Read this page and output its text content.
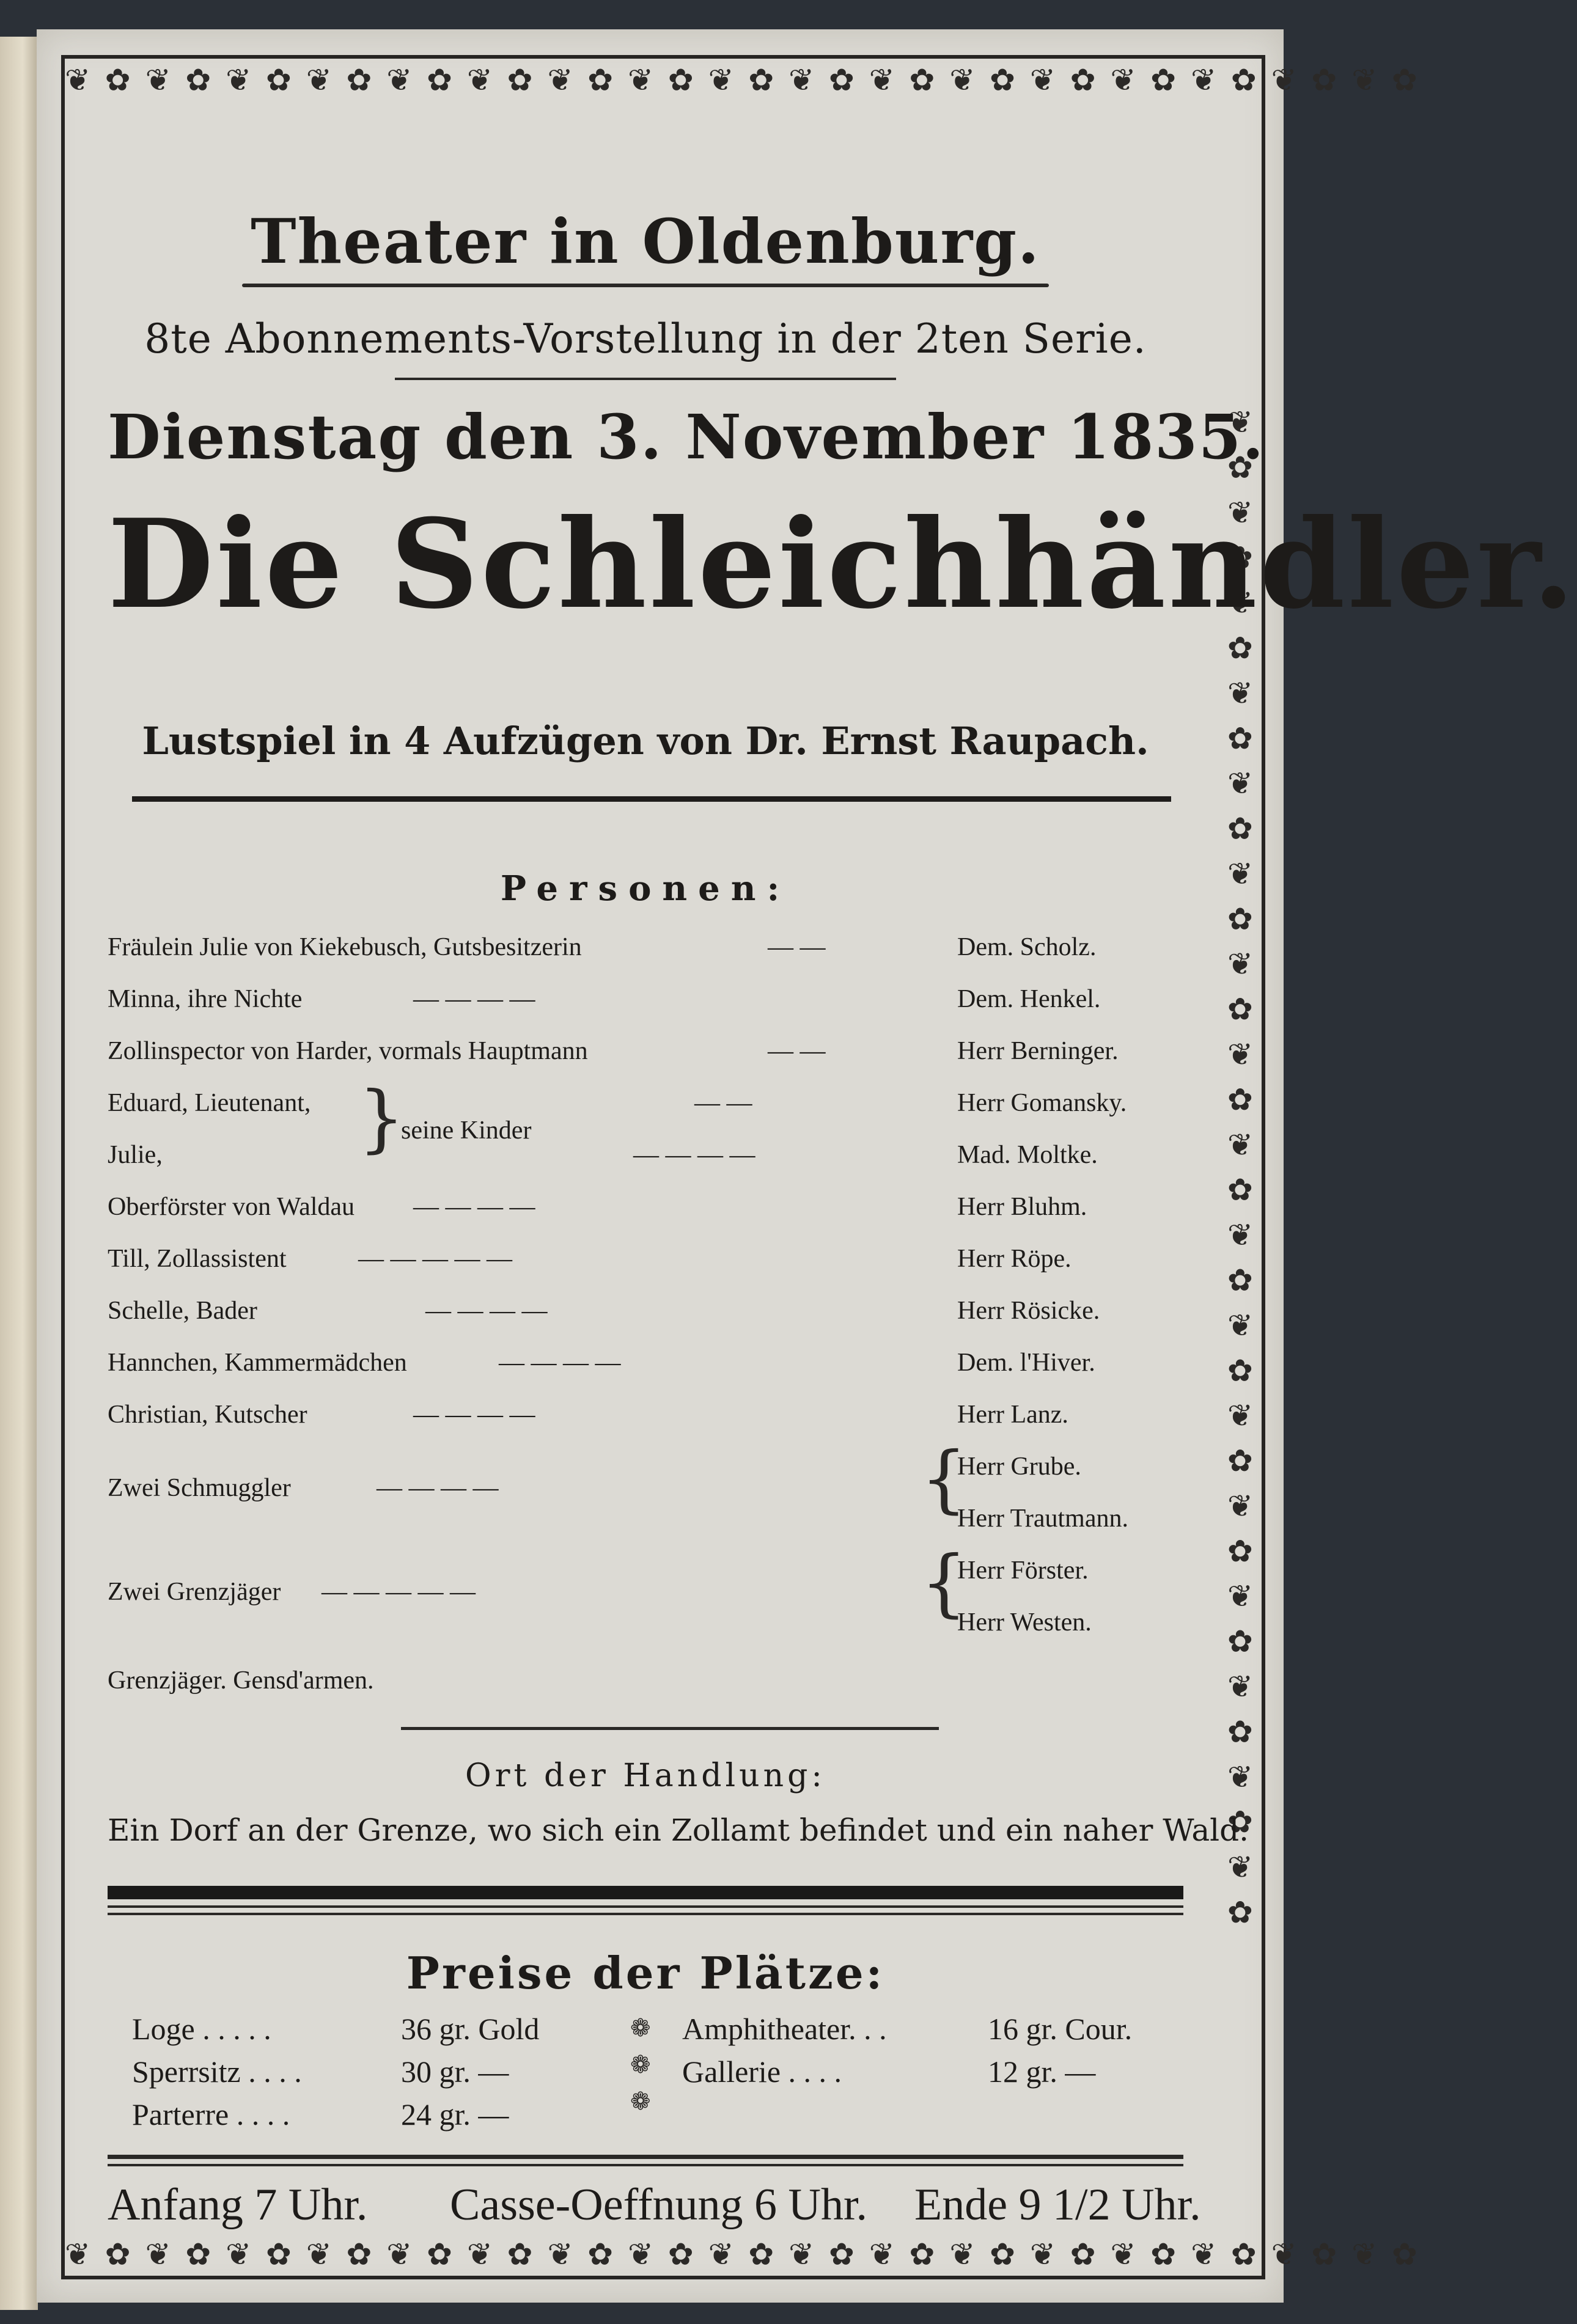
❦ ✿ ❦ ✿ ❦ ✿ ❦ ✿ ❦ ✿ ❦ ✿ ❦ ✿ ❦ ✿ ❦ ✿ ❦ ✿ ❦ ✿ ❦ ✿ ❦ ✿ ❦ ✿ ❦ ✿ ❦ ✿ ❦ ✿
❦ ✿ ❦ ✿ ❦ ✿ ❦ ✿ ❦ ✿ ❦ ✿ ❦ ✿ ❦ ✿ ❦ ✿ ❦ ✿ ❦ ✿ ❦ ✿ ❦ ✿ ❦ ✿ ❦ ✿ ❦ ✿ ❦ ✿
❦ ✿ ❦ ✿ ❦ ✿ ❦ ✿ ❦ ✿ ❦ ✿ ❦ ✿ ❦ ✿ ❦ ✿ ❦ ✿ ❦ ✿ ❦ ✿ ❦ ✿ ❦ ✿ ❦ ✿ ❦ ✿ ❦ ✿
Theater in Oldenburg.
8te Abonnements-Vorstellung in der 2ten Serie.
Dienstag den 3. November 1835.
Die Schleichhändler.
Lustspiel in 4 Aufzügen von Dr. Ernst Raupach.
Personen:
Fräulein Julie von Kiekebusch, Gutsbesitzerin	— —	Dem. Scholz.
Minna, ihre Nichte	— — — —	Dem. Henkel.
Zollinspector von Harder, vormals Hauptmann	— —	Herr Berninger.
Eduard, Lieutenant,	— —	Herr Gomansky.
Julie,	— — — —	Mad. Moltke.
}
seine Kinder
Oberförster von Waldau — — — —	Herr Bluhm.
Till, Zollassistent	— — — — —	Herr Röpe.
Schelle, Bader	— — — —	Herr Rösicke.
Hannchen, Kammermädchen	— — — —	Dem. l'Hiver.
Christian, Kutscher	— — — —	Herr Lanz.
Zwei Schmuggler	— — — —	}
Herr Grube.
Herr Trautmann.
Zwei Grenzjäger — — — — —	}
Herr Förster.
Herr Westen.
Grenzjäger. Gensd'armen.
Ort der Handlung:
Ein Dorf an der Grenze, wo sich ein Zollamt befindet und ein naher Wald.
Preise der Plätze:
Loge . . . . .	36 gr. Gold
Sperrsitz . . . .	30 gr. —
Parterre . . . .	24 gr. —
❁
❁
❁
Amphitheater. . .	16 gr. Cour.
Gallerie . . . .	12 gr. —
Anfang 7 Uhr. Casse-Oeffnung 6 Uhr. Ende 9 1/2 Uhr.
